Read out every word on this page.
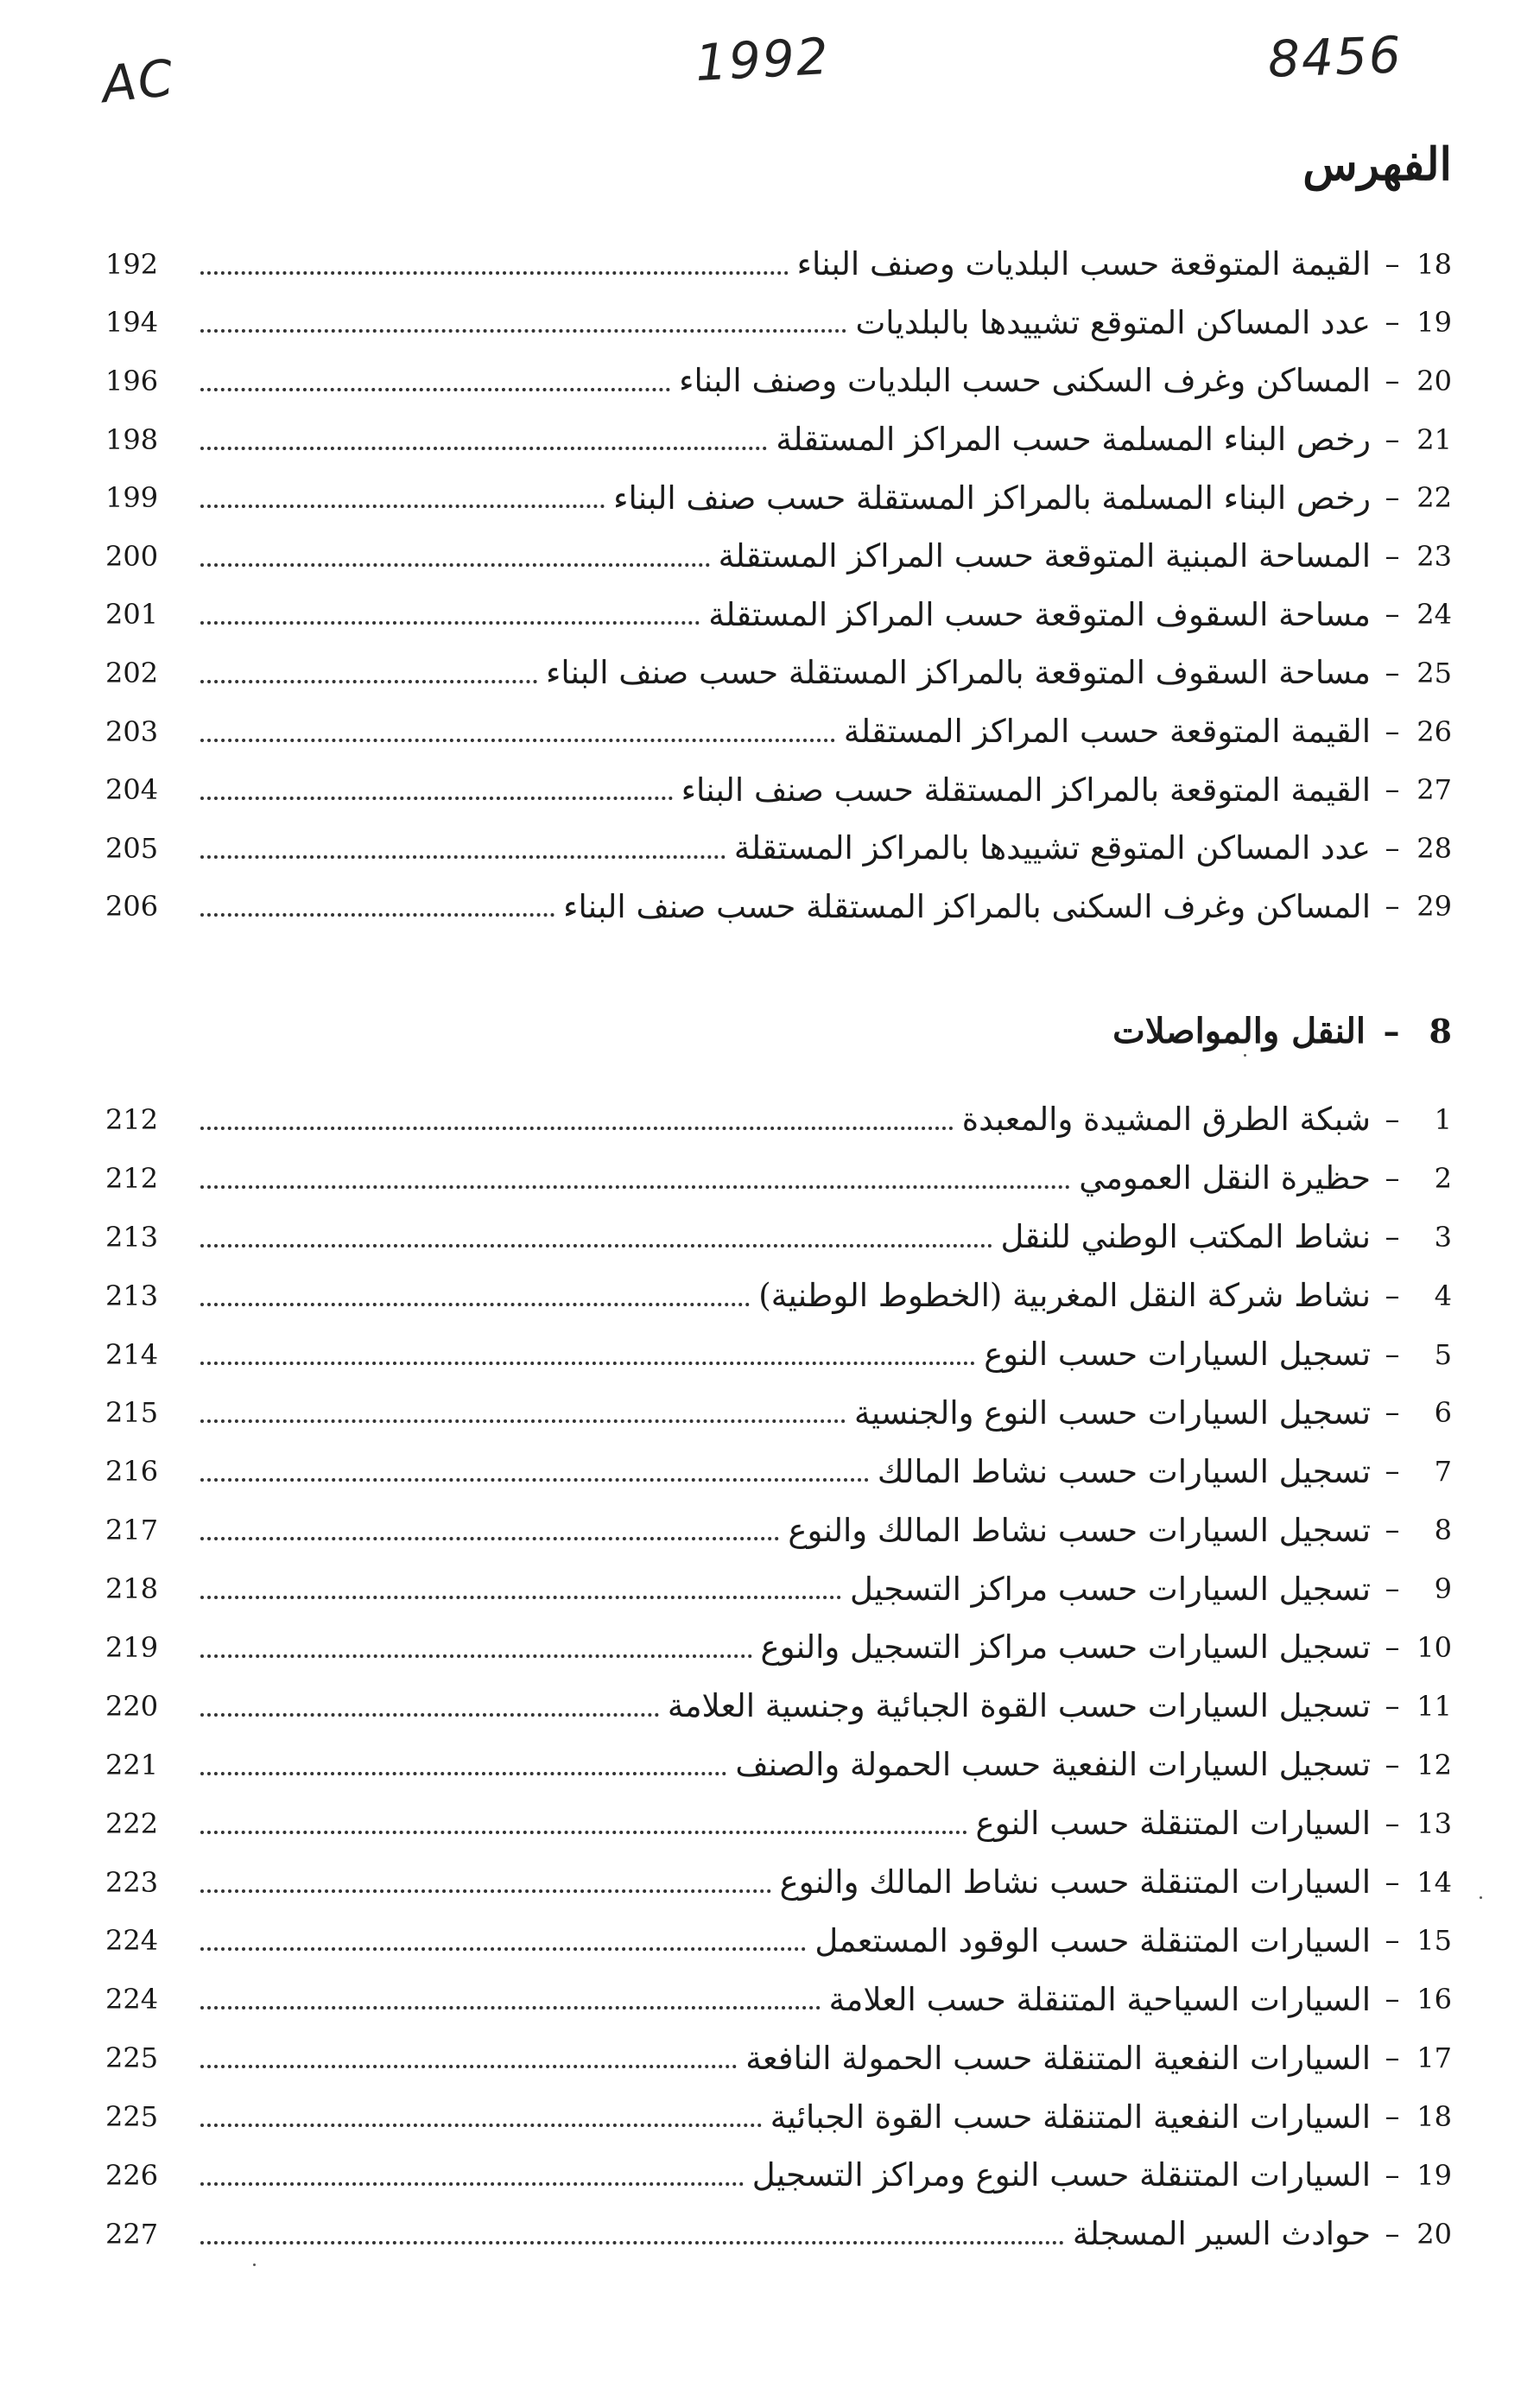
AC	1992	8456
الفهرس
192	القيمة المتوقعة حسب البلديات وصنف البناء – 18
194	عدد المساكن المتوقع تشييدها بالبلديات – 19
196	المساكن وغرف السكنى حسب البلديات وصنف البناء – 20
198	رخص البناء المسلمة حسب المراكز المستقلة – 21
199	رخص البناء المسلمة بالمراكز المستقلة حسب صنف البناء – 22
200	المساحة المبنية المتوقعة حسب المراكز المستقلة – 23
201	مساحة السقوف المتوقعة حسب المراكز المستقلة – 24
202	مساحة السقوف المتوقعة بالمراكز المستقلة حسب صنف البناء – 25
203	القيمة المتوقعة حسب المراكز المستقلة – 26
204	القيمة المتوقعة بالمراكز المستقلة حسب صنف البناء – 27
205	عدد المساكن المتوقع تشييدها بالمراكز المستقلة – 28
206	المساكن وغرف السكنى بالمراكز المستقلة حسب صنف البناء – 29
النقل والمواصلات – 8
212	شبكة الطرق المشيدة والمعبدة –	1
212	حظيرة النقل العمومي –	2
213	نشاط المكتب الوطني للنقل –	3
213	نشاط شركة النقل المغربية (الخطوط الوطنية) –	4
214	تسجيل السيارات حسب النوع –	5
215	تسجيل السيارات حسب النوع والجنسية –	6
216	تسجيل السيارات حسب نشاط المالك –	7
217	تسجيل السيارات حسب نشاط المالك والنوع –	8
218	تسجيل السيارات حسب مراكز التسجيل –	9
219	تسجيل السيارات حسب مراكز التسجيل والنوع – 10
220	تسجيل السيارات حسب القوة الجبائية وجنسية العلامة – 11
221	تسجيل السيارات النفعية حسب الحمولة والصنف – 12
222	السيارات المتنقلة حسب النوع – 13
223	السيارات المتنقلة حسب نشاط المالك والنوع – 14
224	السيارات المتنقلة حسب الوقود المستعمل – 15
224	السيارات السياحية المتنقلة حسب العلامة – 16
225	السيارات النفعية المتنقلة حسب الحمولة النافعة – 17
225	السيارات النفعية المتنقلة حسب القوة الجبائية – 18
226	السيارات المتنقلة حسب النوع ومراكز التسجيل – 19
227	حوادث السير المسجلة – 20
